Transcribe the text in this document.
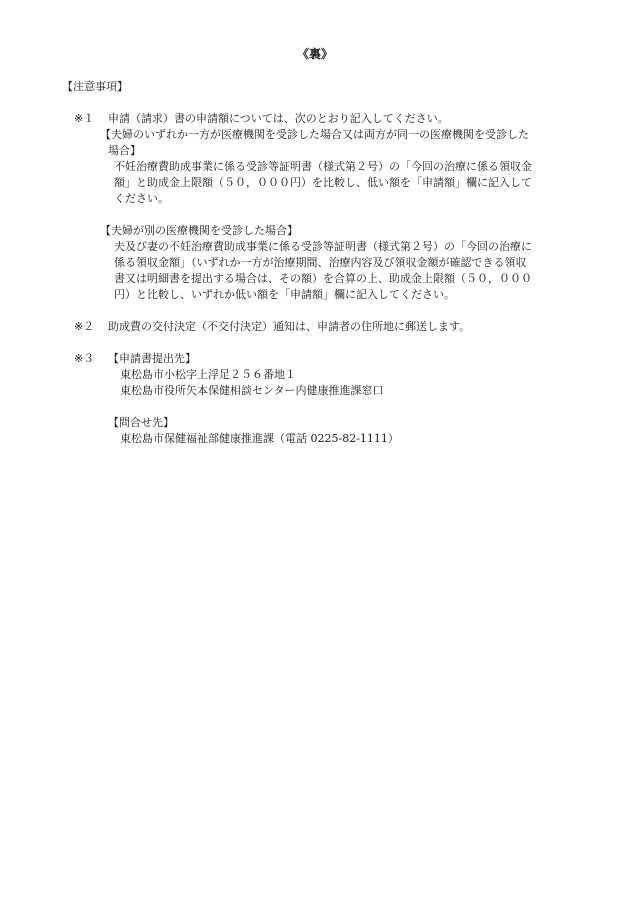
《裏》
【注意事項】
※１ 申請（請求）書の申請額については、次のとおり記入してください。
【夫婦のいずれか一方が医療機関を受診した場合又は両方が同一の医療機関を受診した
場合】
不妊治療費助成事業に係る受診等証明書（様式第２号）の「今回の治療に係る領収金
額」と助成金上限額（５０，０００円）を比較し、低い額を「申請額」欄に記入して
ください。
【夫婦が別の医療機関を受診した場合】
夫及び妻の不妊治療費助成事業に係る受診等証明書（様式第２号）の「今回の治療に
係る領収金額」（いずれか一方が治療期間、治療内容及び領収金額が確認できる領収
書又は明細書を提出する場合は、その額）を合算の上、助成金上限額（５０，０００
円）と比較し、いずれか低い額を「申請額」欄に記入してください。
※２ 助成費の交付決定（不交付決定）通知は、申請者の住所地に郵送します。
※３ 【申請書提出先】
東松島市小松字上浮足２５６番地１
東松島市役所矢本保健相談センター内健康推進課窓口
【問合せ先】
東松島市保健福祉部健康推進課（電話 0225-82-1111）
